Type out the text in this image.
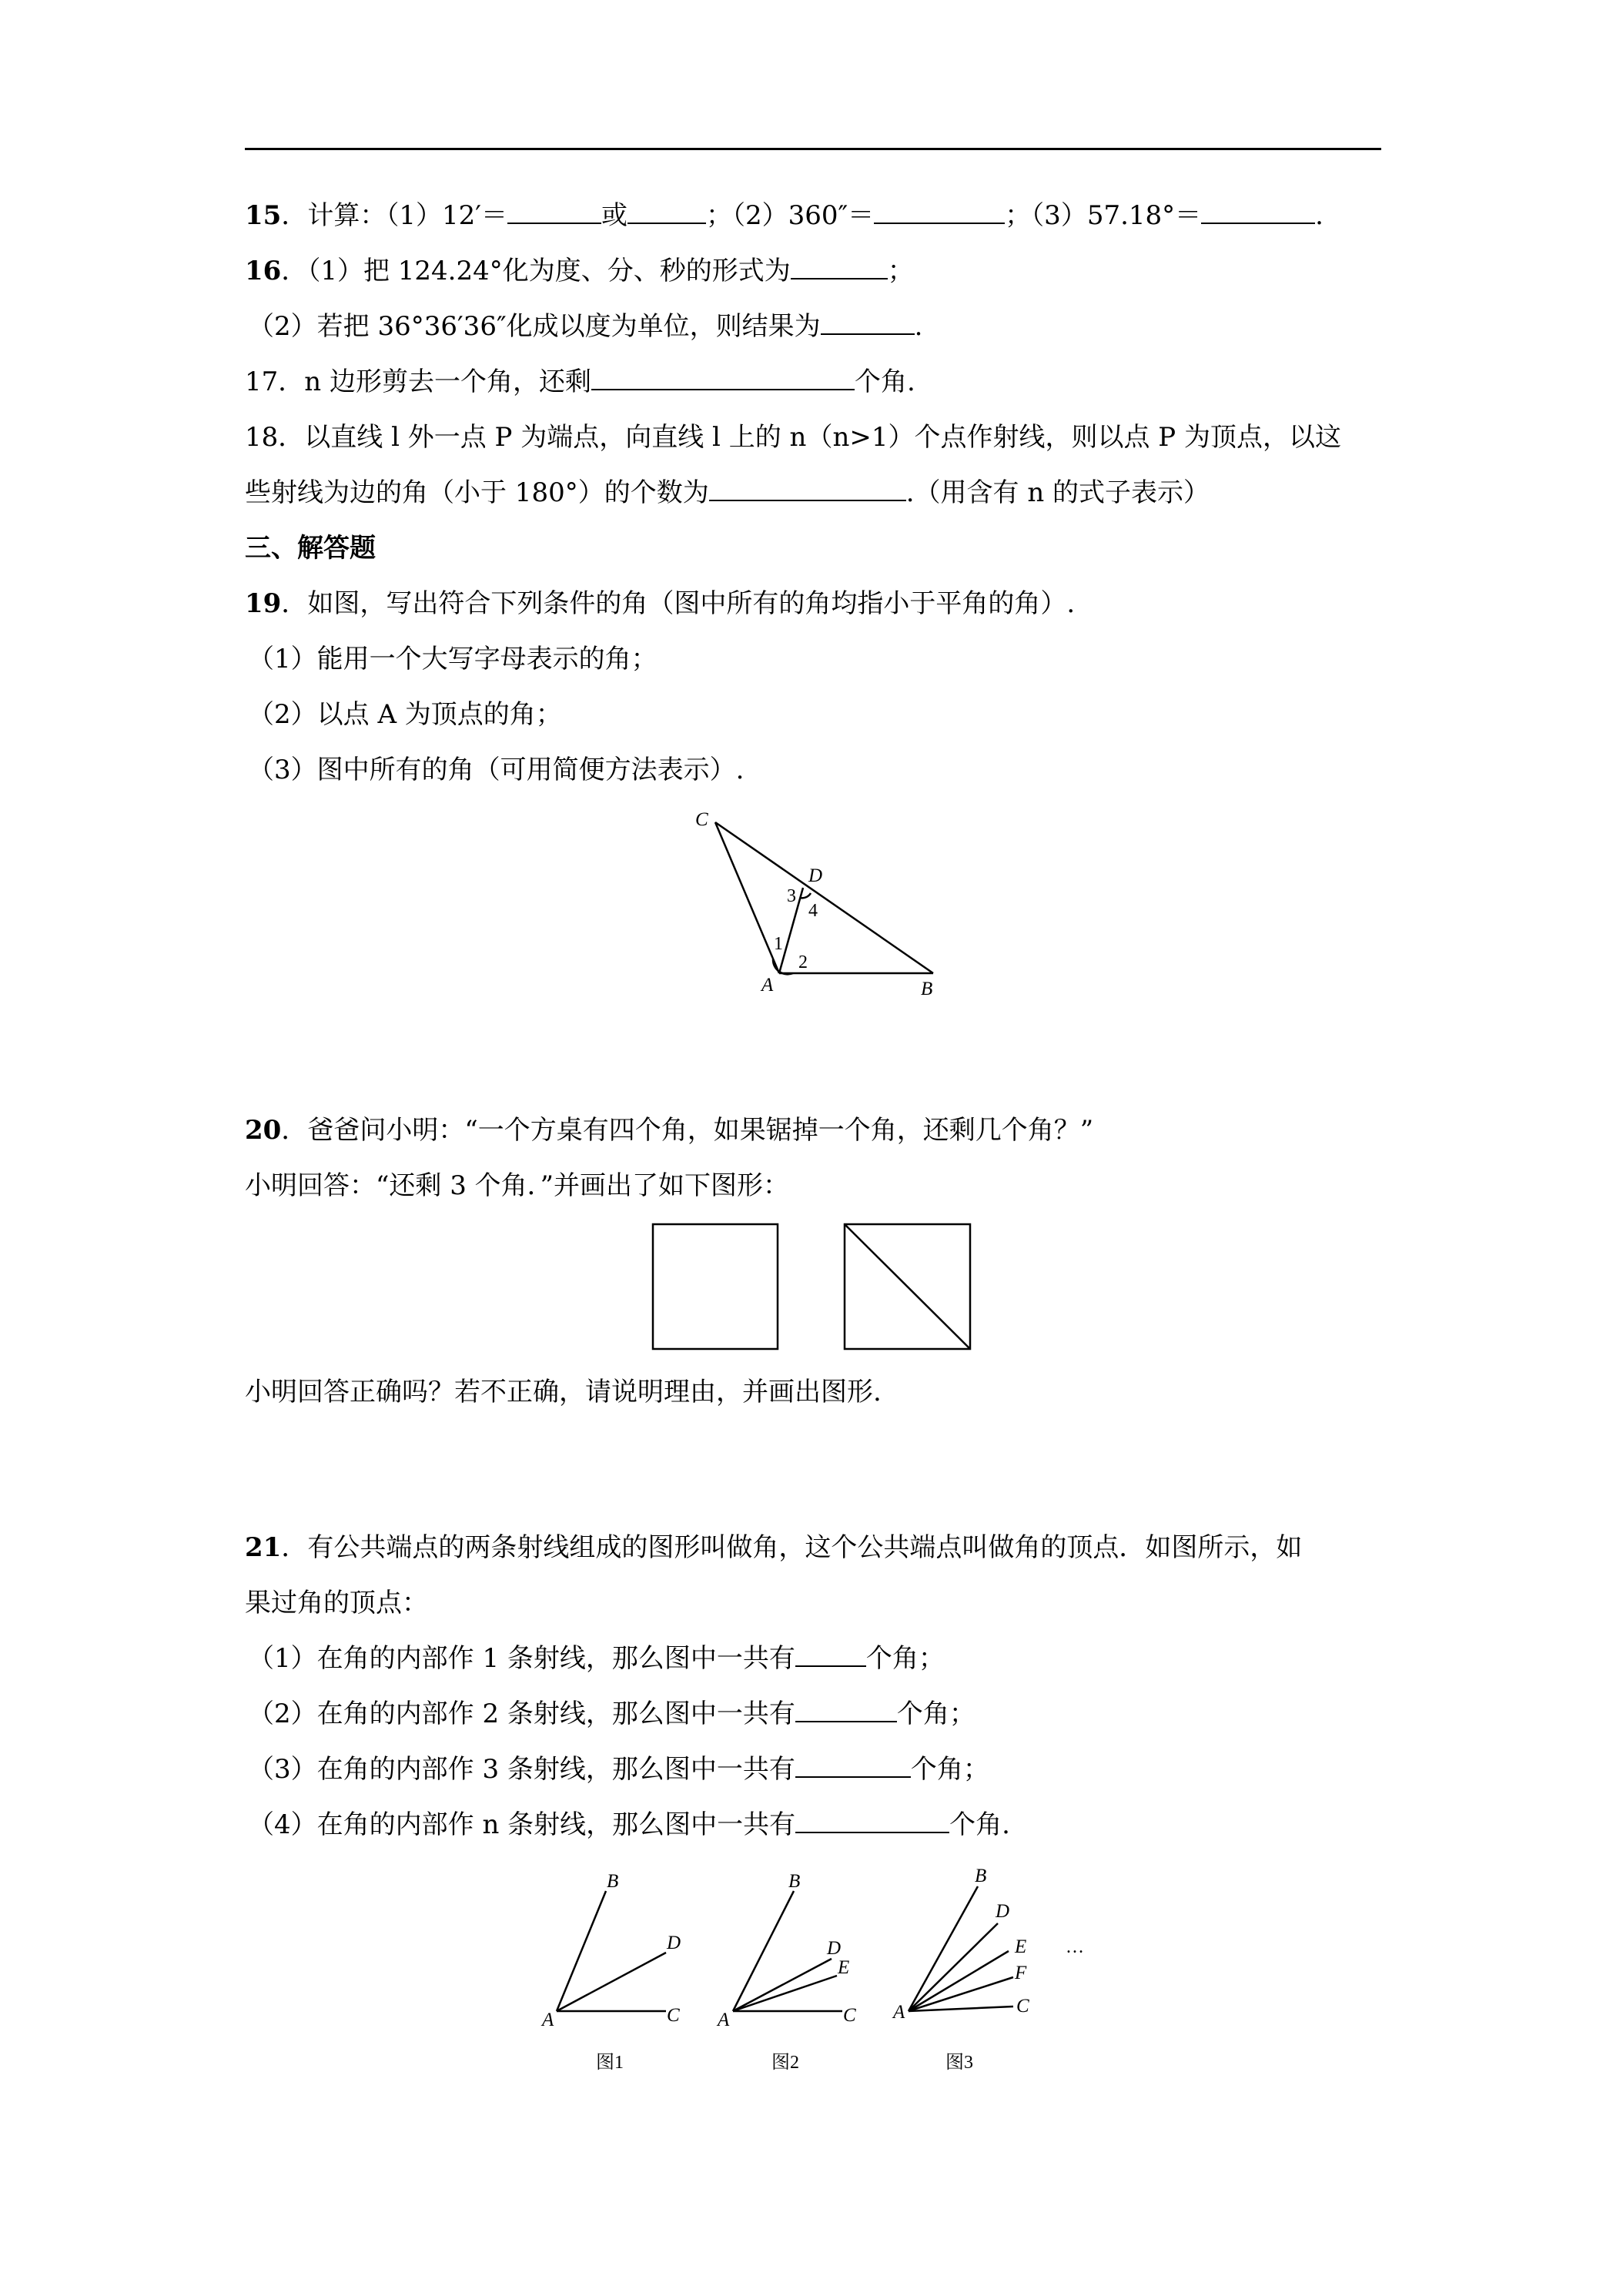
15．计算：（1）12′＝	或	；（2）360″＝	；（3）57.18°＝	.
16．（1）把 124.24°化为度、分、秒的形式为	；
（2）若把 36°36′36″化成以度为单位，则结果为	.
17．n 边形剪去一个角，还剩	个角.
18．以直线 l 外一点 P 为端点，向直线 l 上的 n（n>1）个点作射线，则以点 P 为顶点，以这
些射线为边的角（小于 180°）的个数为	.（用含有 n 的式子表示）
三、解答题
19．如图，写出符合下列条件的角（图中所有的角均指小于平角的角）.
（1）能用一个大写字母表示的角；
（2）以点 A 为顶点的角；
（3）图中所有的角（可用简便方法表示）.
C
D
A	B
1
2
3
4
20．爸爸问小明：“一个方桌有四个角，如果锯掉一个角，还剩几个角？”
小明回答：“还剩 3 个角．”并画出了如下图形：
小明回答正确吗？若不正确，请说明理由，并画出图形.
21．有公共端点的两条射线组成的图形叫做角，这个公共端点叫做角的顶点．如图所示，如
果过角的顶点：
（1）在角的内部作 1 条射线，那么图中一共有	个角；
（2）在角的内部作 2 条射线，那么图中一共有	个角；
（3）在角的内部作 3 条射线，那么图中一共有	个角；
（4）在角的内部作 n 条射线，那么图中一共有	个角.
B
D
A	C
图1
B
D
E
A	C
图2
B
D
E
F
A	C
图3
…
